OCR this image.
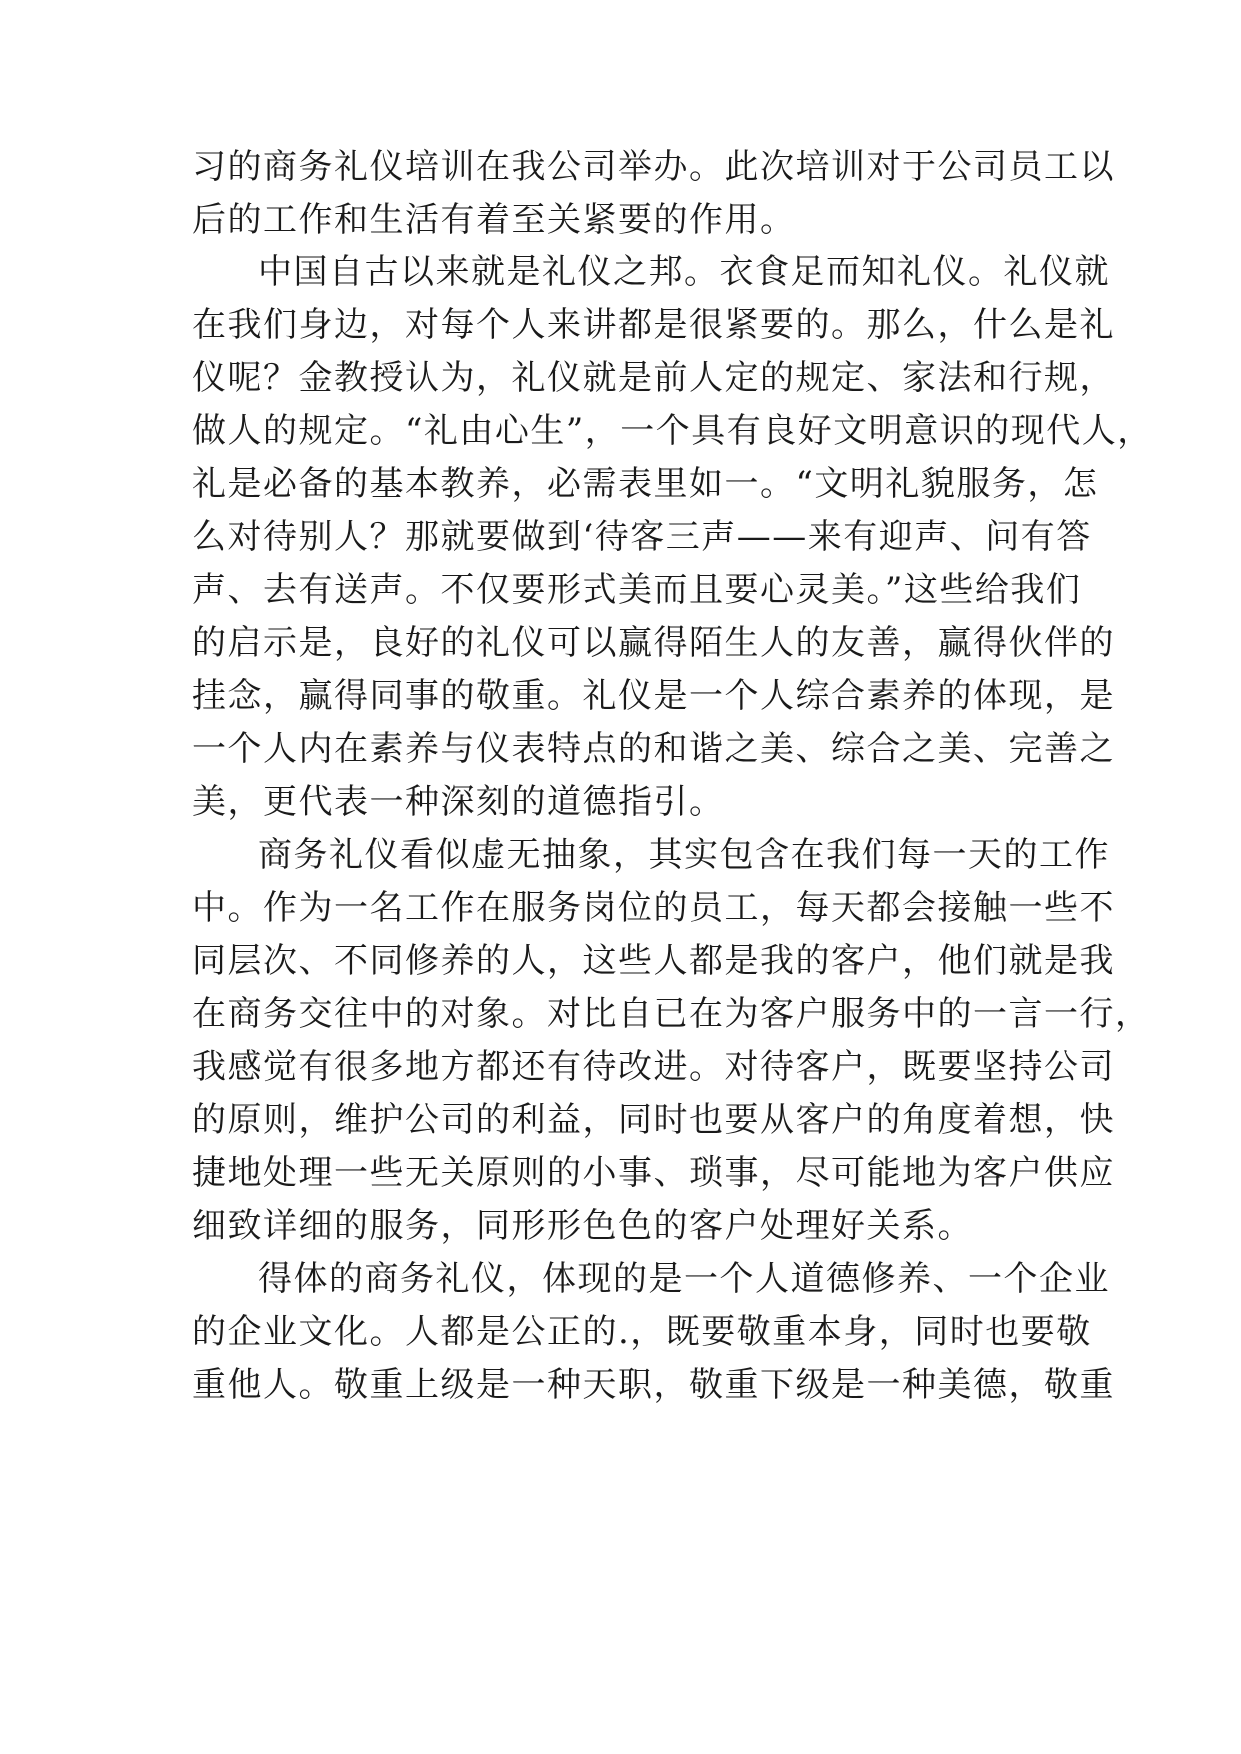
习的商务礼仪培训在我公司举办。此次培训对于公司员工以

后的工作和生活有着至关紧要的作用。

中国自古以来就是礼仪之邦。衣食足而知礼仪。礼仪就

在我们身边，对每个人来讲都是很紧要的。那么，什么是礼

仪呢？金教授认为，礼仪就是前人定的规定、家法和行规，

做人的规定。“礼由心生”，一个具有良好文明意识的现代人，

礼是必备的基本教养，必需表里如一。“文明礼貌服务，怎

么对待别人？那就要做到‘待客三声——来有迎声、问有答

声、去有送声。不仅要形式美而且要心灵美。”这些给我们

的启示是，良好的礼仪可以赢得陌生人的友善，赢得伙伴的

挂念，赢得同事的敬重。礼仪是一个人综合素养的体现，是

一个人内在素养与仪表特点的和谐之美、综合之美、完善之

美，更代表一种深刻的道德指引。

商务礼仪看似虚无抽象，其实包含在我们每一天的工作

中。作为一名工作在服务岗位的员工，每天都会接触一些不

同层次、不同修养的人，这些人都是我的客户，他们就是我

在商务交往中的对象。对比自已在为客户服务中的一言一行，

我感觉有很多地方都还有待改进。对待客户，既要坚持公司

的原则，维护公司的利益，同时也要从客户的角度着想，快

捷地处理一些无关原则的小事、琐事，尽可能地为客户供应

细致详细的服务，同形形色色的客户处理好关系。

得体的商务礼仪，体现的是一个人道德修养、一个企业

的企业文化。人都是公正的.，既要敬重本身，同时也要敬

重他人。敬重上级是一种天职，敬重下级是一种美德，敬重
